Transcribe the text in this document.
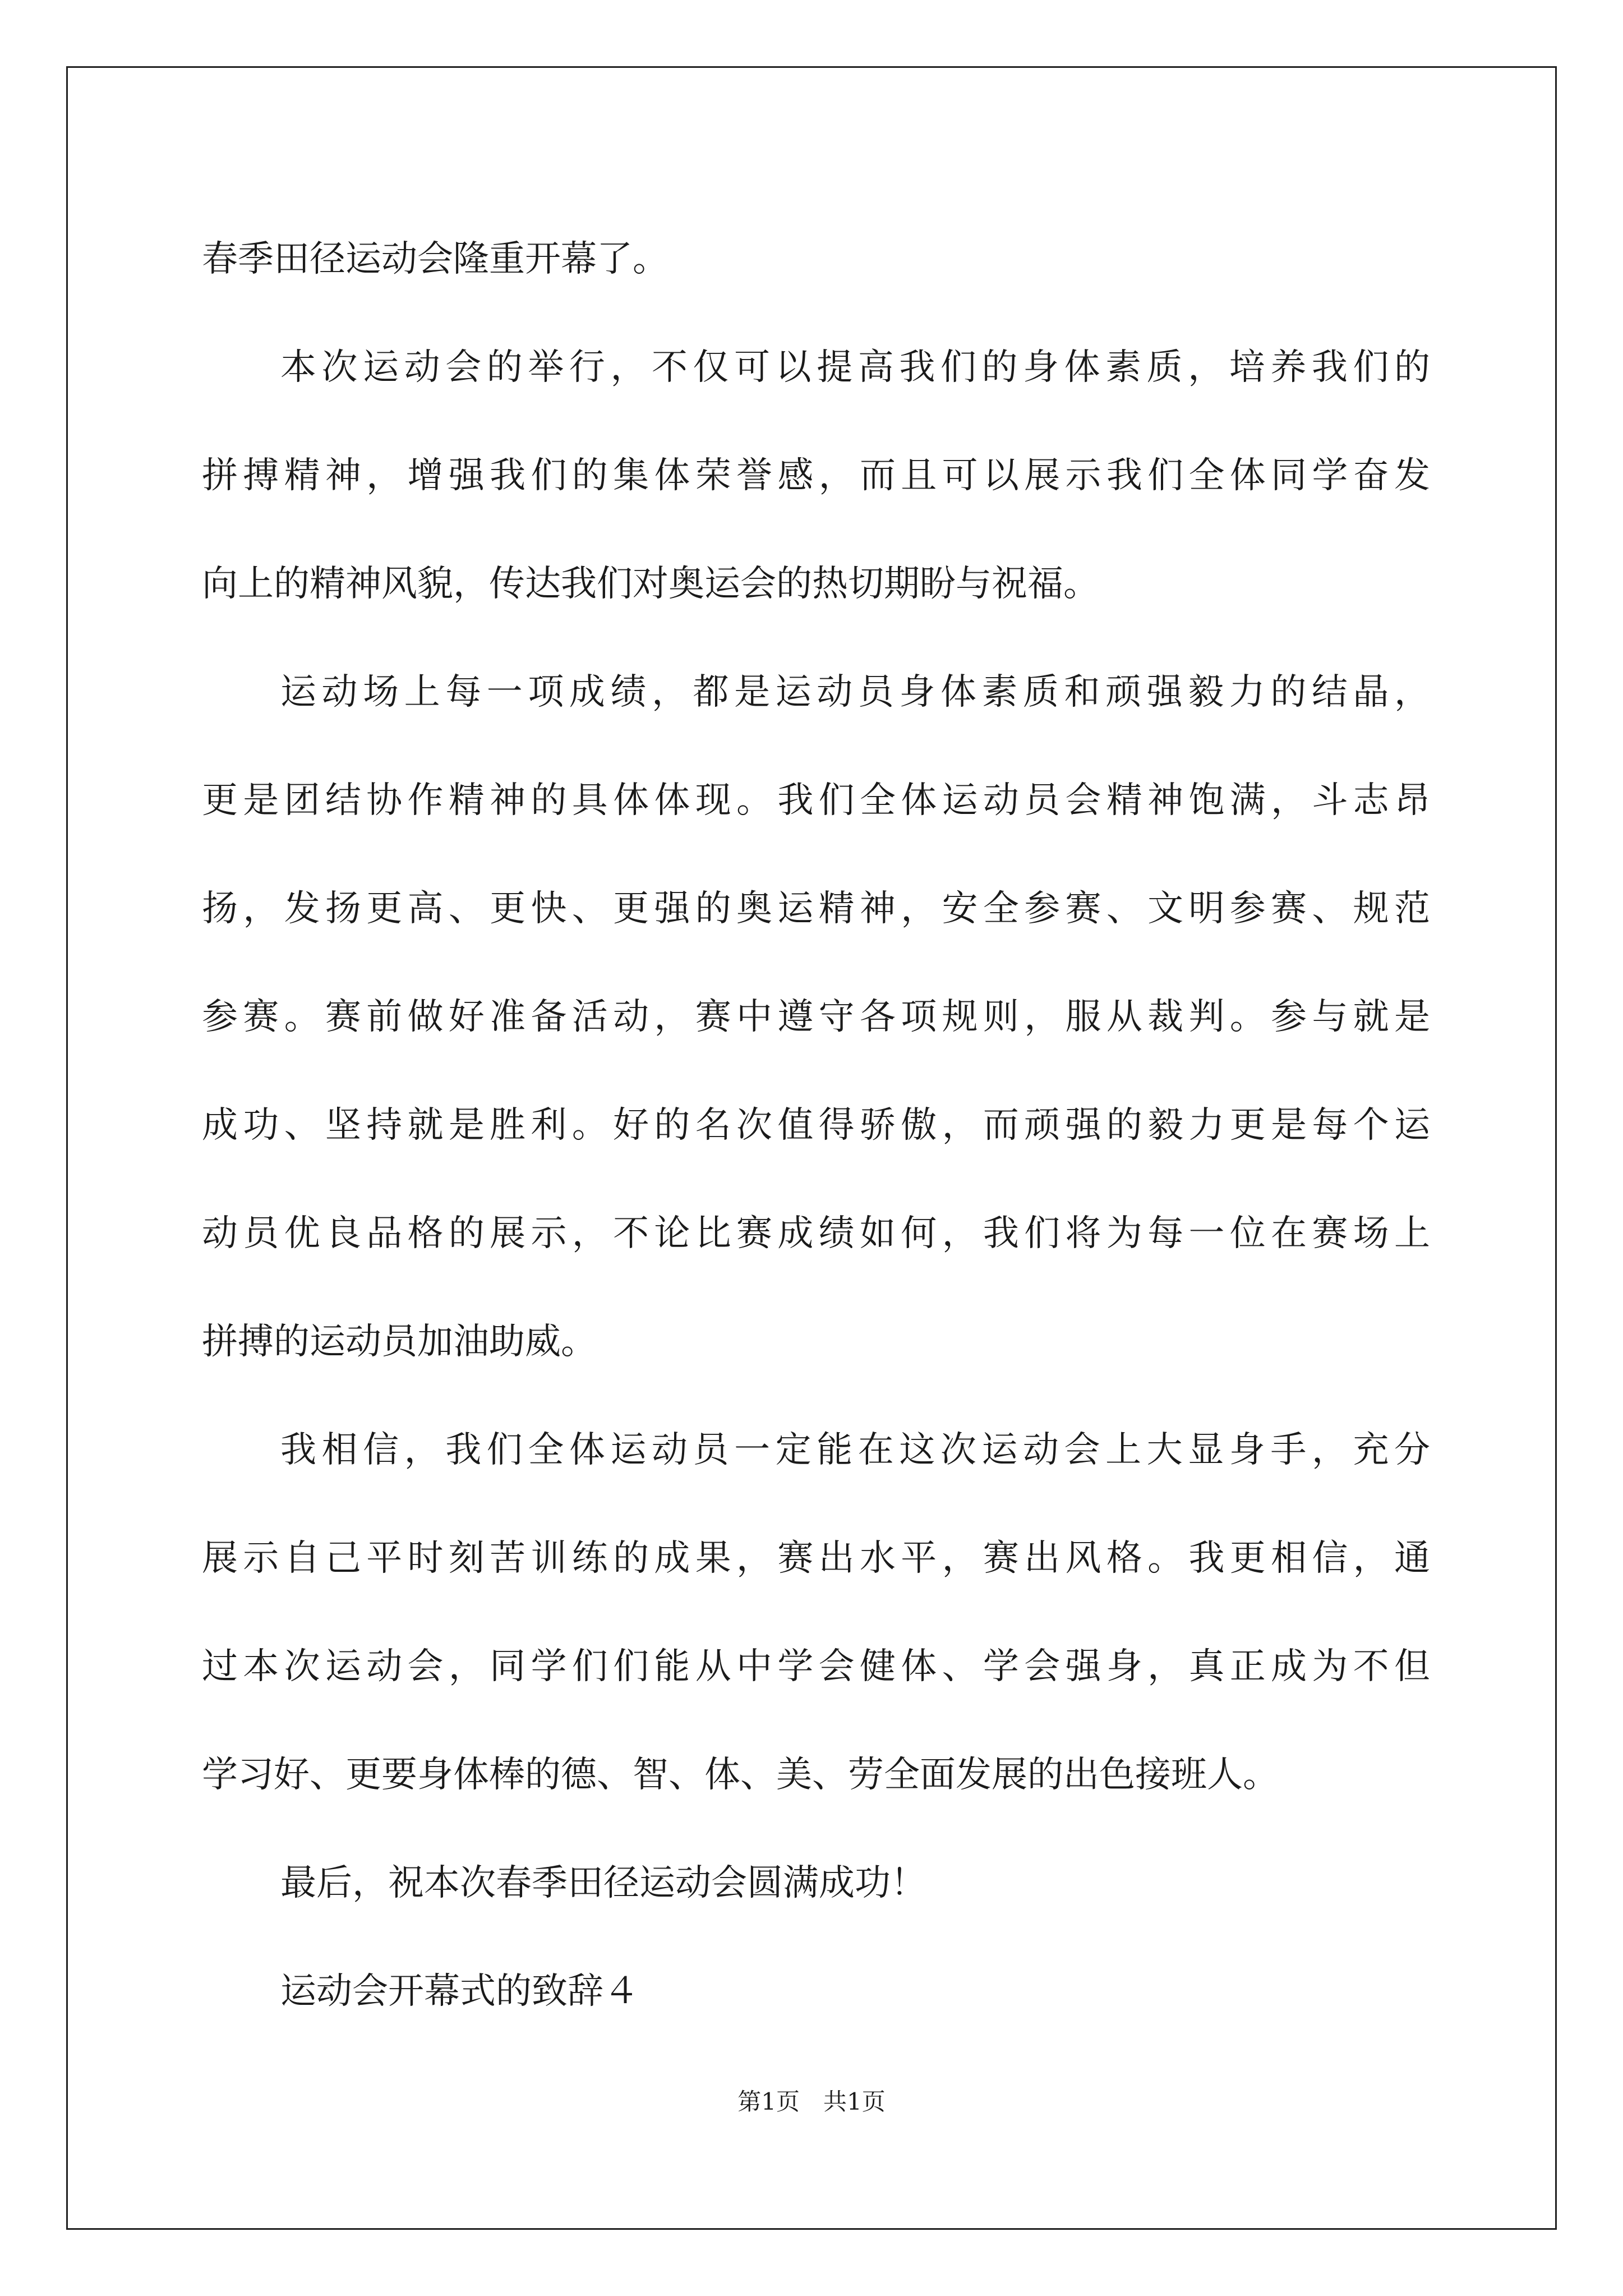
春季田径运动会隆重开幕了。
本次运动会的举行，不仅可以提高我们的身体素质，培养我们的
拼搏精神，增强我们的集体荣誉感，而且可以展示我们全体同学奋发
向上的精神风貌，传达我们对奥运会的热切期盼与祝福。
运动场上每一项成绩，都是运动员身体素质和顽强毅力的结晶，
更是团结协作精神的具体体现。我们全体运动员会精神饱满，斗志昂
扬，发扬更高、更快、更强的奥运精神，安全参赛、文明参赛、规范
参赛。赛前做好准备活动，赛中遵守各项规则，服从裁判。参与就是
成功、坚持就是胜利。好的名次值得骄傲，而顽强的毅力更是每个运
动员优良品格的展示，不论比赛成绩如何，我们将为每一位在赛场上
拼搏的运动员加油助威。
我相信，我们全体运动员一定能在这次运动会上大显身手，充分
展示自己平时刻苦训练的成果，赛出水平，赛出风格。我更相信，通
过本次运动会，同学们们能从中学会健体、学会强身，真正成为不但
学习好、更要身体棒的德、智、体、美、劳全面发展的出色接班人。
最后，祝本次春季田径运动会圆满成功！
运动会开幕式的致辞４
第1页　共1页
